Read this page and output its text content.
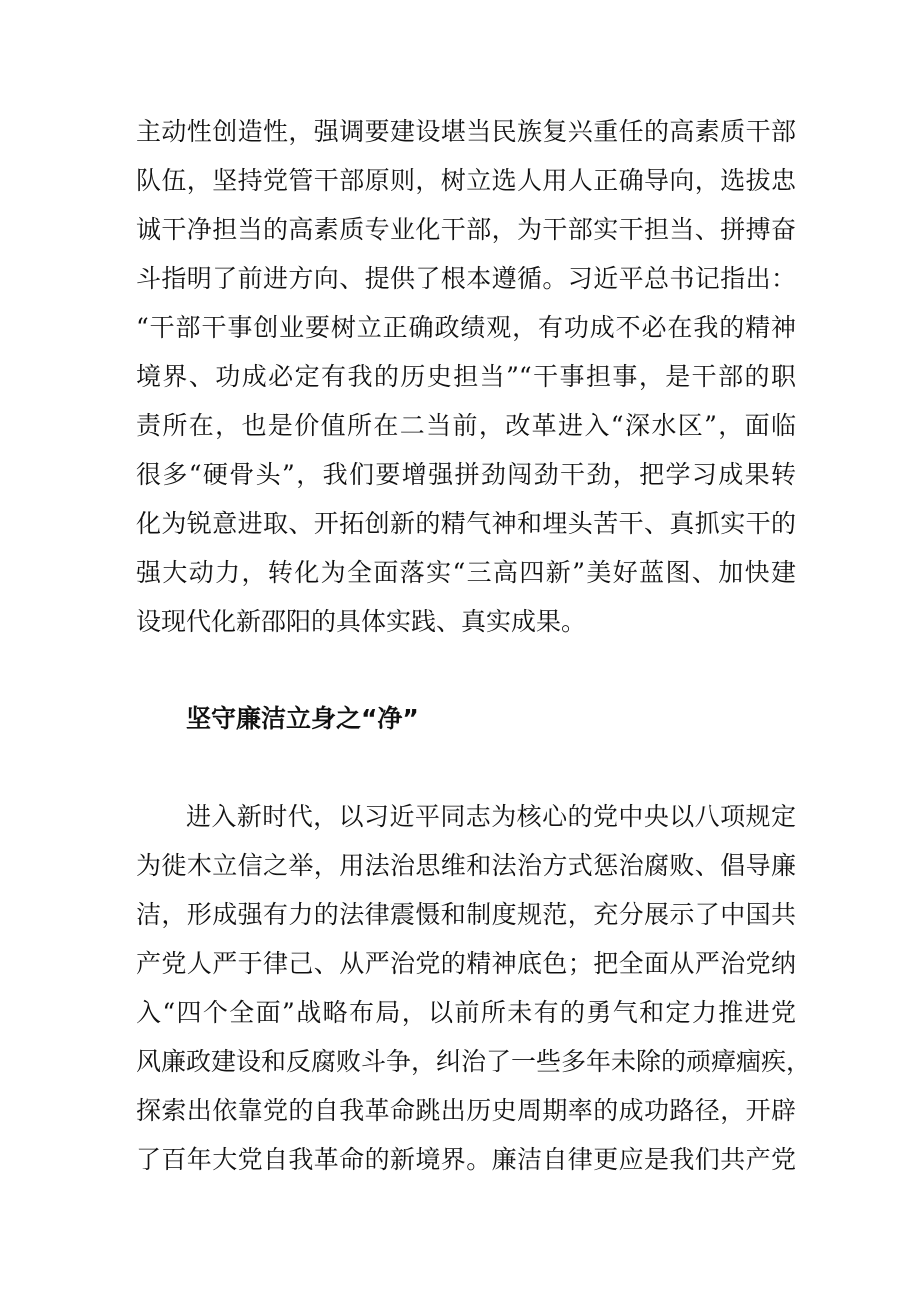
主动性创造性，强调要建设堪当民族复兴重任的高素质干部
队伍，坚持党管干部原则，树立选人用人正确导向，选拔忠
诚干净担当的高素质专业化干部，为干部实干担当、拼搏奋
斗指明了前进方向、提供了根本遵循。习近平总书记指出：
“干部干事创业要树立正确政绩观，有功成不必在我的精神
境界、功成必定有我的历史担当”“干事担事，是干部的职
责所在，也是价值所在二当前，改革进入“深水区”，面临
很多“硬骨头”，我们要增强拼劲闯劲干劲，把学习成果转
化为锐意进取、开拓创新的精气神和埋头苦干、真抓实干的
强大动力，转化为全面落实“三高四新”美好蓝图、加快建
设现代化新邵阳的具体实践、真实成果。
坚守廉洁立身之“净”
进入新时代，以习近平同志为核心的党中央以八项规定
为徙木立信之举，用法治思维和法治方式惩治腐败、倡导廉
洁，形成强有力的法律震慑和制度规范，充分展示了中国共
产党人严于律己、从严治党的精神底色；把全面从严治党纳
入“四个全面”战略布局，以前所未有的勇气和定力推进党
风廉政建设和反腐败斗争，纠治了一些多年未除的顽瘴痼疾，
探索出依靠党的自我革命跳出历史周期率的成功路径，开辟
了百年大党自我革命的新境界。廉洁自律更应是我们共产党
